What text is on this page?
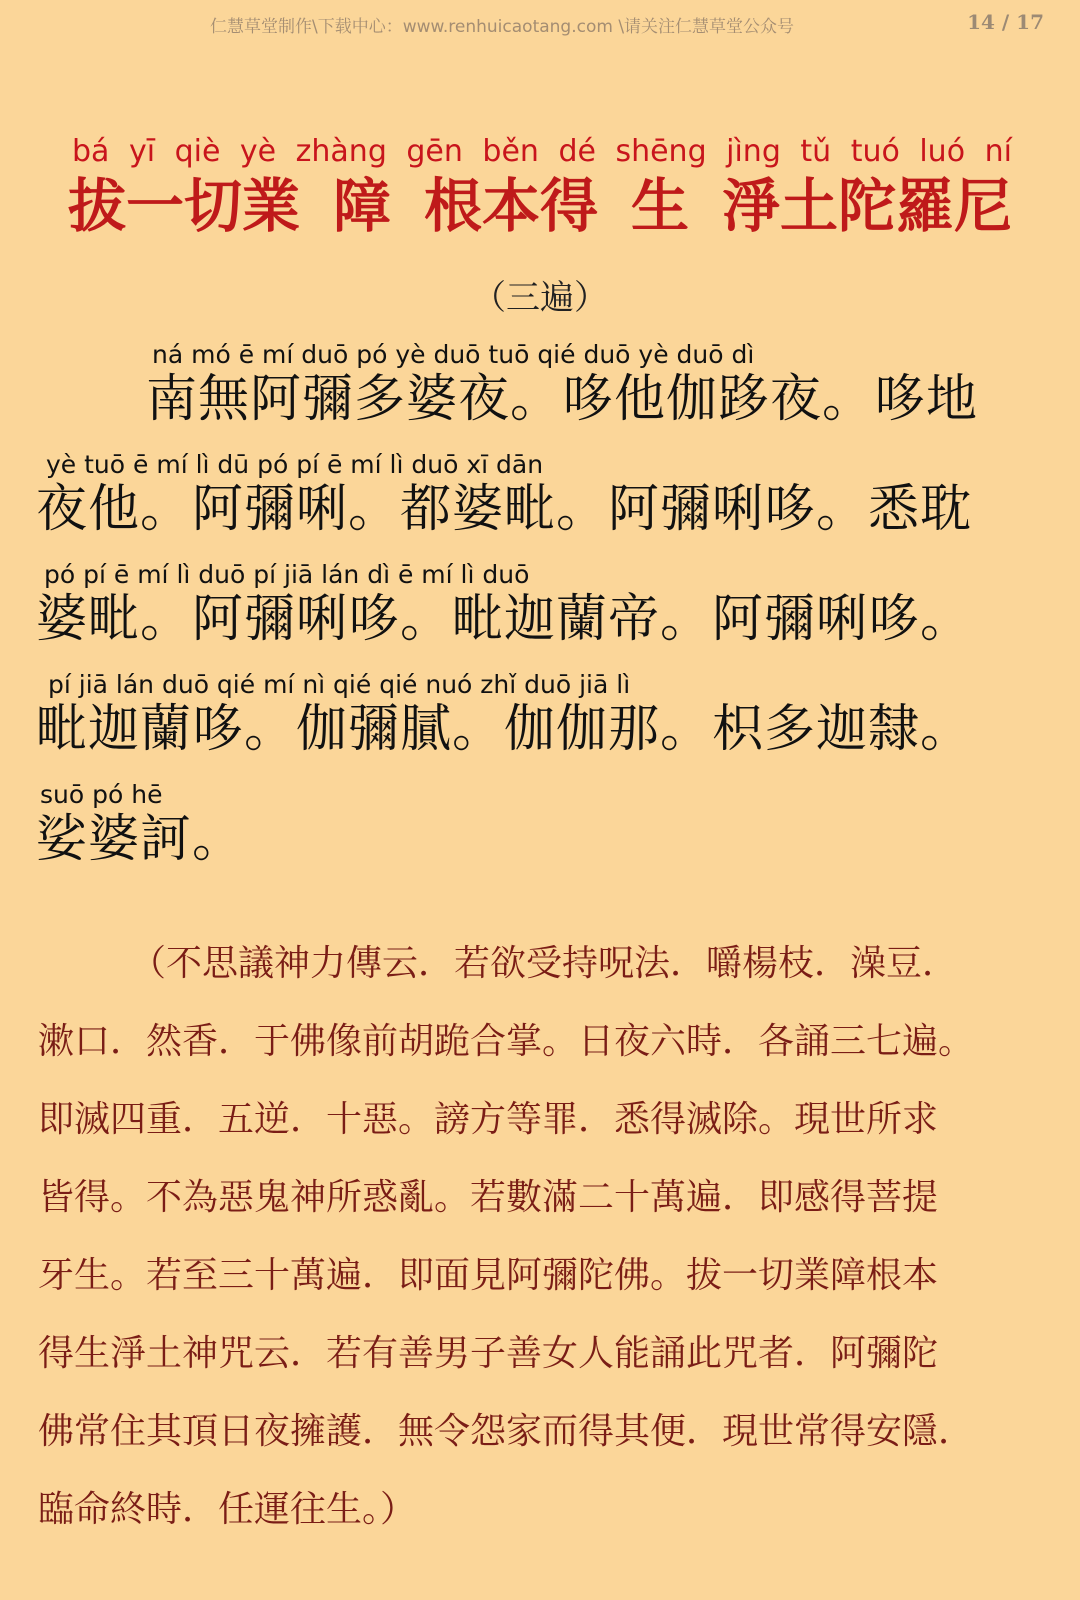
仁慧草堂制作\下载中心：www.renhuicaotang.com \请关注仁慧草堂公众号	14 / 17
bá yī qiè yè zhàng gēn běn dé shēng jìng tǔ tuó luó ní
拔一切業 障 根本得 生 淨土陀羅尼
（三遍）
ná mó ē mí duō pó yè duō tuō qié duō yè duō dì
南無阿彌多婆夜。哆他伽跢夜。哆地
yè tuō ē mí lì dū pó pí ē mí lì duō xī dān
夜他。阿彌唎。都婆毗。阿彌唎哆。悉耽
pó pí ē mí lì duō pí jiā lán dì ē mí lì duō
婆毗。阿彌唎哆。毗迦蘭帝。阿彌唎哆。
pí jiā lán duō qié mí nì qié qié nuó zhǐ duō jiā lì
毗迦蘭哆。伽彌膩。伽伽那。枳多迦隸。
suō pó hē
娑婆訶。
（不思議神力傳云．若欲受持呪法．嚼楊枝．澡豆．
漱口．然香．于佛像前胡跪合掌。日夜六時．各誦三七遍。
即滅四重．五逆．十惡。謗方等罪．悉得滅除。現世所求
皆得。不為惡鬼神所惑亂。若數滿二十萬遍．即感得菩提
牙生。若至三十萬遍．即面見阿彌陀佛。拔一切業障根本
得生淨土神咒云．若有善男子善女人能誦此咒者．阿彌陀
佛常住其頂日夜擁護．無令怨家而得其便．現世常得安隱．
臨命終時．任運往生。）
